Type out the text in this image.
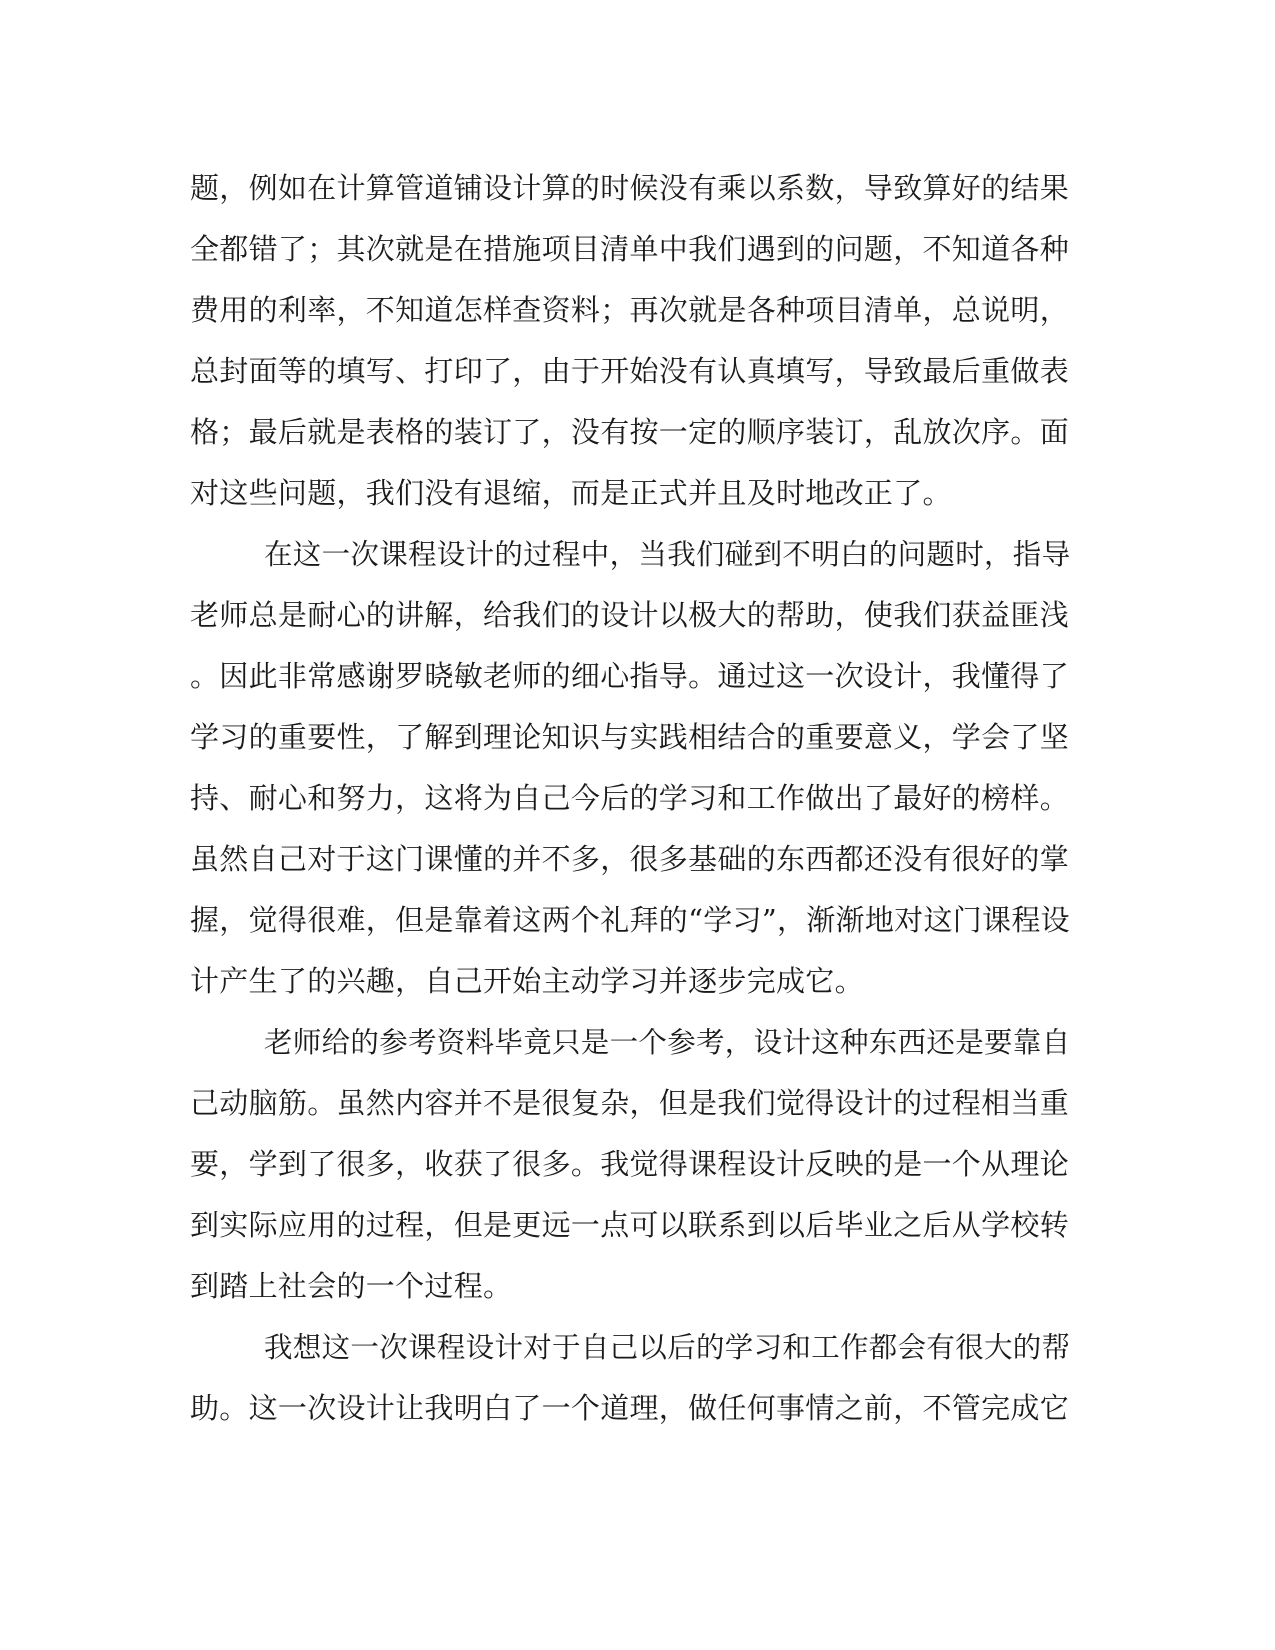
题，例如在计算管道铺设计算的时候没有乘以系数，导致算好的结果
全都错了；其次就是在措施项目清单中我们遇到的问题，不知道各种
费用的利率，不知道怎样查资料；再次就是各种项目清单，总说明，
总封面等的填写、打印了，由于开始没有认真填写，导致最后重做表
格；最后就是表格的装订了，没有按一定的顺序装订，乱放次序。面
对这些问题，我们没有退缩，而是正式并且及时地改正了。
在这一次课程设计的过程中，当我们碰到不明白的问题时，指导
老师总是耐心的讲解，给我们的设计以极大的帮助，使我们获益匪浅
。因此非常感谢罗晓敏老师的细心指导。通过这一次设计，我懂得了
学习的重要性，了解到理论知识与实践相结合的重要意义，学会了坚
持、耐心和努力，这将为自己今后的学习和工作做出了最好的榜样。
虽然自己对于这门课懂的并不多，很多基础的东西都还没有很好的掌
握，觉得很难，但是靠着这两个礼拜的“学习”，渐渐地对这门课程设
计产生了的兴趣，自己开始主动学习并逐步完成它。
老师给的参考资料毕竟只是一个参考，设计这种东西还是要靠自
己动脑筋。虽然内容并不是很复杂，但是我们觉得设计的过程相当重
要，学到了很多，收获了很多。我觉得课程设计反映的是一个从理论
到实际应用的过程，但是更远一点可以联系到以后毕业之后从学校转
到踏上社会的一个过程。
我想这一次课程设计对于自己以后的学习和工作都会有很大的帮
助。这一次设计让我明白了一个道理，做任何事情之前，不管完成它
